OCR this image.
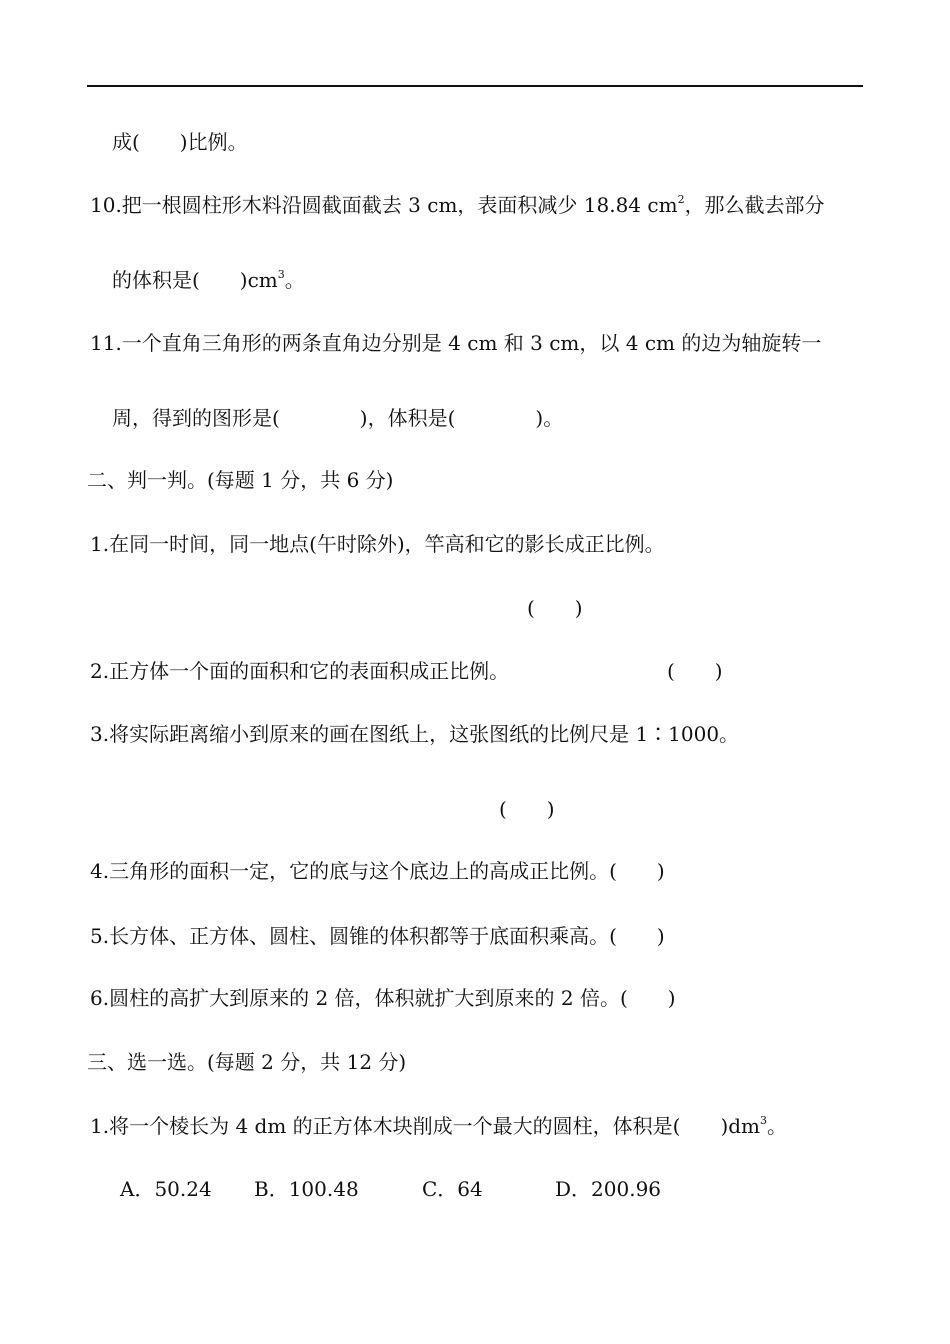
成(　　)比例。
10.把一根圆柱形木料沿圆截面截去 3 cm，表面积减少 18.84 $cm^2$，那么截去部分
的体积是(　　)$cm^3$。
11.一个直角三角形的两条直角边分别是 4 cm 和 3 cm，以 4 cm 的边为轴旋转一
周，得到的图形是(　　　　)，体积是(　　　　)。
二、判一判。(每题 1 分，共 6 分)
1.在同一时间，同一地点(午时除外)，竿高和它的影长成正比例。
(　　)
2.正方体一个面的面积和它的表面积成正比例。	(　　)
3.将实际距离缩小到原来的画在图纸上，这张图纸的比例尺是 1∶1000。
(　　)
4.三角形的面积一定，它的底与这个底边上的高成正比例。(　　)
5.长方体、正方体、圆柱、圆锥的体积都等于底面积乘高。(　　)
6.圆柱的高扩大到原来的 2 倍，体积就扩大到原来的 2 倍。(　　)
三、选一选。(每题 2 分，共 12 分)
1.将一个棱长为 4 dm 的正方体木块削成一个最大的圆柱，体积是(　　)$dm^3$。
A．50.24 B．100.48	C．64	D．200.96
